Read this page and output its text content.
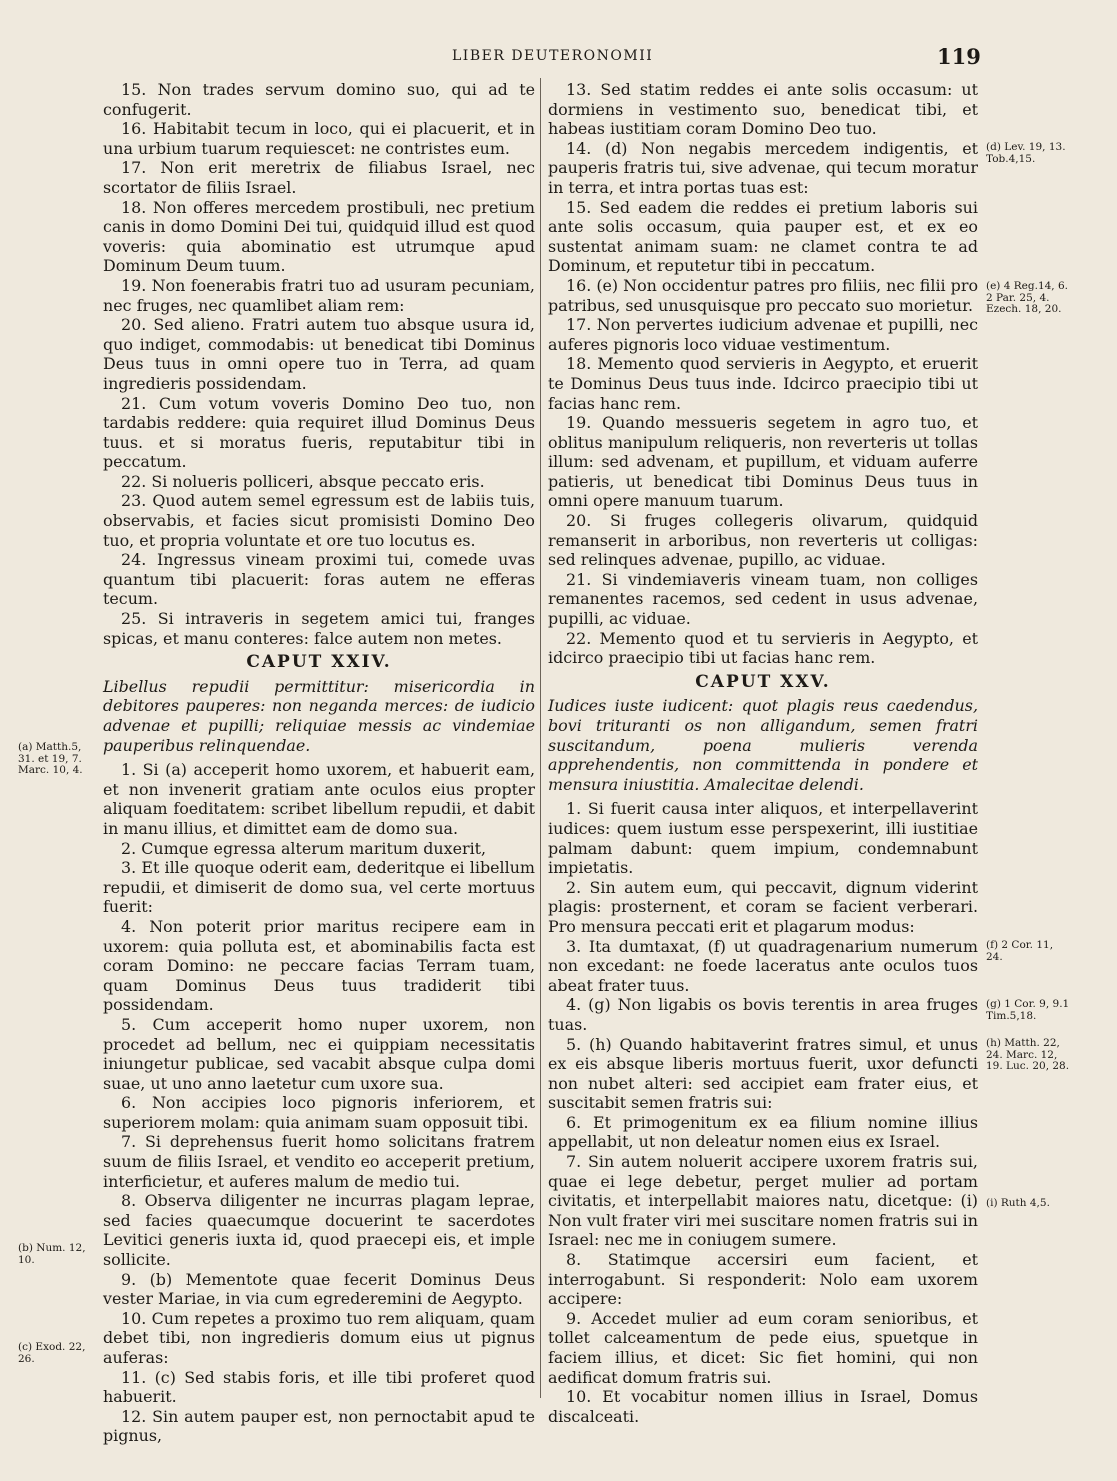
LIBER DEUTERONOMII	119

15. Non trades servum domino suo, qui ad te confugerit.

16. Habitabit tecum in loco, qui ei placuerit, et in una urbium tuarum requiescet: ne contristes eum.

17. Non erit meretrix de filiabus Israel, nec scortator de filiis Israel.

18. Non offeres mercedem prostibuli, nec pretium canis in domo Domini Dei tui, quidquid illud est quod voveris: quia abominatio est utrumque apud Dominum Deum tuum.

19. Non foenerabis fratri tuo ad usuram pecuniam, nec fruges, nec quamlibet aliam rem:

20. Sed alieno. Fratri autem tuo absque usura id, quo indiget, commodabis: ut benedicat tibi Dominus Deus tuus in omni opere tuo in Terra, ad quam ingredieris possidendam.

21. Cum votum voveris Domino Deo tuo, non tardabis reddere: quia requiret illud Dominus Deus tuus. et si moratus fueris, reputabitur tibi in peccatum.

22. Si nolueris polliceri, absque peccato eris.

23. Quod autem semel egressum est de labiis tuis, observabis, et facies sicut promisisti Domino Deo tuo, et propria voluntate et ore tuo locutus es.

24. Ingressus vineam proximi tui, comede uvas quantum tibi placuerit: foras autem ne efferas tecum.

25. Si intraveris in segetem amici tui, franges spicas, et manu conteres: falce autem non metes.

CAPUT XXIV.

Libellus repudii permittitur: misericordia in debitores pauperes: non neganda merces: de iudicio advenae et pupilli; reliquiae messis ac vindemiae pauperibus relinquendae.

1. Si (a) acceperit homo uxorem, et habuerit eam, et non invenerit gratiam ante oculos eius propter aliquam foeditatem: scribet libellum repudii, et dabit in manu illius, et dimittet eam de domo sua.

2. Cumque egressa alterum maritum duxerit,

3. Et ille quoque oderit eam, dederitque ei libellum repudii, et dimiserit de domo sua, vel certe mortuus fuerit:

4. Non poterit prior maritus recipere eam in uxorem: quia polluta est, et abominabilis facta est coram Domino: ne peccare facias Terram tuam, quam Dominus Deus tuus tradiderit tibi possidendam.

5. Cum acceperit homo nuper uxorem, non procedet ad bellum, nec ei quippiam necessitatis iniungetur publicae, sed vacabit absque culpa domi suae, ut uno anno laetetur cum uxore sua.

6. Non accipies loco pignoris inferiorem, et superiorem molam: quia animam suam opposuit tibi.

7. Si deprehensus fuerit homo solicitans fratrem suum de filiis Israel, et vendito eo acceperit pretium, interficietur, et auferes malum de medio tui.

8. Observa diligenter ne incurras plagam leprae, sed facies quaecumque docuerint te sacerdotes Levitici generis iuxta id, quod praecepi eis, et imple sollicite.

9. (b) Mementote quae fecerit Dominus Deus vester Mariae, in via cum egrederemini de Aegypto.

10. Cum repetes a proximo tuo rem aliquam, quam debet tibi, non ingredieris domum eius ut pignus auferas:

11. (c) Sed stabis foris, et ille tibi proferet quod habuerit.

12. Sin autem pauper est, non pernoctabit apud te pignus,

13. Sed statim reddes ei ante solis occasum: ut dormiens in vestimento suo, benedicat tibi, et habeas iustitiam coram Domino Deo tuo.

14. (d) Non negabis mercedem indigentis, et pauperis fratris tui, sive advenae, qui tecum moratur in terra, et intra portas tuas est:

15. Sed eadem die reddes ei pretium laboris sui ante solis occasum, quia pauper est, et ex eo sustentat animam suam: ne clamet contra te ad Dominum, et reputetur tibi in peccatum.

16. (e) Non occidentur patres pro filiis, nec filii pro patribus, sed unusquisque pro peccato suo morietur.

17. Non pervertes iudicium advenae et pupilli, nec auferes pignoris loco viduae vestimentum.

18. Memento quod servieris in Aegypto, et eruerit te Dominus Deus tuus inde. Idcirco praecipio tibi ut facias hanc rem.

19. Quando messueris segetem in agro tuo, et oblitus manipulum reliqueris, non reverteris ut tollas illum: sed advenam, et pupillum, et viduam auferre patieris, ut benedicat tibi Dominus Deus tuus in omni opere manuum tuarum.

20. Si fruges collegeris olivarum, quidquid remanserit in arboribus, non reverteris ut colligas: sed relinques advenae, pupillo, ac viduae.

21. Si vindemiaveris vineam tuam, non colliges remanentes racemos, sed cedent in usus advenae, pupilli, ac viduae.

22. Memento quod et tu servieris in Aegypto, et idcirco praecipio tibi ut facias hanc rem.

CAPUT XXV.

Iudices iuste iudicent: quot plagis reus caedendus, bovi trituranti os non alligandum, semen fratri suscitandum, poena mulieris verenda apprehendentis, non committenda in pondere et mensura iniustitia. Amalecitae delendi.

1. Si fuerit causa inter aliquos, et interpellaverint iudices: quem iustum esse perspexerint, illi iustitiae palmam dabunt: quem impium, condemnabunt impietatis.

2. Sin autem eum, qui peccavit, dignum viderint plagis: prosternent, et coram se facient verberari. Pro mensura peccati erit et plagarum modus:

3. Ita dumtaxat, (f) ut quadragenarium numerum non excedant: ne foede laceratus ante oculos tuos abeat frater tuus.

4. (g) Non ligabis os bovis terentis in area fruges tuas.

5. (h) Quando habitaverint fratres simul, et unus ex eis absque liberis mortuus fuerit, uxor defuncti non nubet alteri: sed accipiet eam frater eius, et suscitabit semen fratris sui:

6. Et primogenitum ex ea filium nomine illius appellabit, ut non deleatur nomen eius ex Israel.

7. Sin autem noluerit accipere uxorem fratris sui, quae ei lege debetur, perget mulier ad portam civitatis, et interpellabit maiores natu, dicetque: (i) Non vult frater viri mei suscitare nomen fratris sui in Israel: nec me in coniugem sumere.

8. Statimque accersiri eum facient, et interrogabunt. Si responderit: Nolo eam uxorem accipere:

9. Accedet mulier ad eum coram senioribus, et tollet calceamentum de pede eius, spuetque in faciem illius, et dicet: Sic fiet homini, qui non aedificat domum fratris sui.

10. Et vocabitur nomen illius in Israel, Domus discalceati.

(a) Matth.5, 31. et 19, 7. Marc. 10, 4.
(b) Num. 12, 10.
(c) Exod. 22, 26.
(d) Lev. 19, 13. Tob.4,15.
(e) 4 Reg.14, 6. 2 Par. 25, 4. Ezech. 18, 20.
(f) 2 Cor. 11, 24.
(g) 1 Cor. 9, 9.1 Tim.5,18.
(h) Matth. 22, 24. Marc. 12, 19. Luc. 20, 28.
(i) Ruth 4,5.
